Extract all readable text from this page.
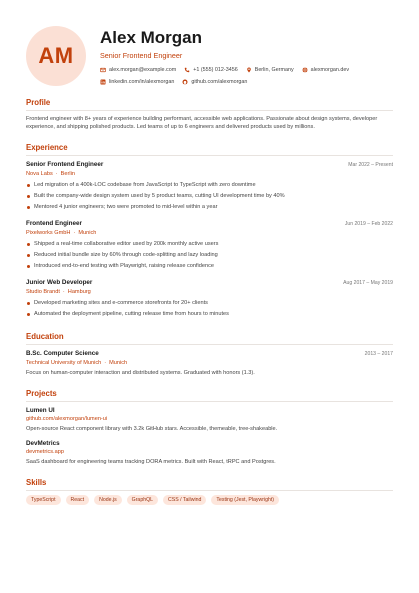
AM
Alex Morgan
Senior Frontend Engineer
alex.morgan@example.com	+1 (555) 012-3456	Berlin, Germany	alexmorgan.dev
linkedin.com/in/alexmorgan	github.com/alexmorgan
Profile
Frontend engineer with 8+ years of experience building performant, accessible web applications. Passionate about design systems, developer experience, and shipping polished products. Led teams of up to 6 engineers and delivered products used by millions.
Experience
Senior Frontend Engineer	Mar 2022 – Present
Nova Labs · Berlin
Led migration of a 400k-LOC codebase from JavaScript to TypeScript with zero downtime
Built the company-wide design system used by 5 product teams, cutting UI development time by 40%
Mentored 4 junior engineers; two were promoted to mid-level within a year
Frontend Engineer	Jun 2019 – Feb 2022
Pixelworks GmbH · Munich
Shipped a real-time collaborative editor used by 200k monthly active users
Reduced initial bundle size by 60% through code-splitting and lazy loading
Introduced end-to-end testing with Playwright, raising release confidence
Junior Web Developer	Aug 2017 – May 2019
Studio Brandt · Hamburg
Developed marketing sites and e-commerce storefronts for 20+ clients
Automated the deployment pipeline, cutting release time from hours to minutes
Education
B.Sc. Computer Science	2013 – 2017
Technical University of Munich · Munich
Focus on human-computer interaction and distributed systems. Graduated with honors (1.3).
Projects
Lumen UI
github.com/alexmorgan/lumen-ui
Open-source React component library with 3.2k GitHub stars. Accessible, themeable, tree-shakeable.
DevMetrics
devmetrics.app
SaaS dashboard for engineering teams tracking DORA metrics. Built with React, tRPC and Postgres.
Skills
TypeScript	React	Node.js	GraphQL	CSS / Tailwind	Testing (Jest, Playwright)
